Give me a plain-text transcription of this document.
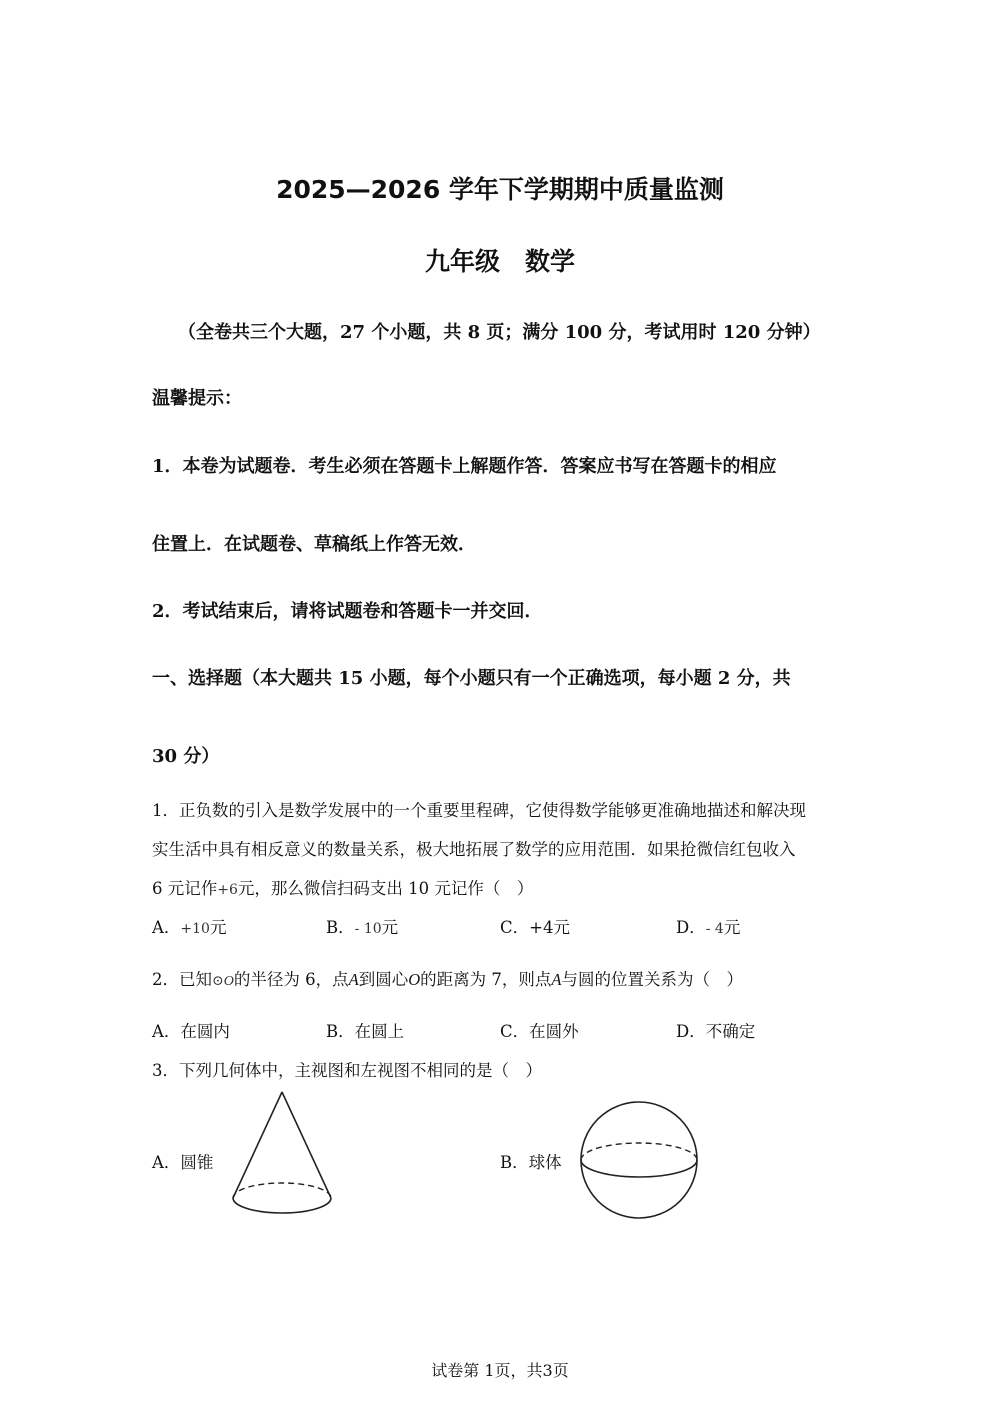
2025—2026 学年下学期期中质量监测
九年级　数学
（全卷共三个大题，27 个小题，共 8 页；满分 100 分，考试用时 120 分钟）
温馨提示：
1．本卷为试题卷．考生必须在答题卡上解题作答．答案应书写在答题卡的相应
住置上．在试题卷、草稿纸上作答无效．
2．考试结束后，请将试题卷和答题卡一并交回．
一、选择题（本大题共 15 小题，每个小题只有一个正确选项，每小题 2 分，共
30 分）
1．正负数的引入是数学发展中的一个重要里程碑，它使得数学能够更准确地描述和解决现
实生活中具有相反意义的数量关系，极大地拓展了数学的应用范围．如果抢微信红包收入
6 元记作+6元，那么微信扫码支出 10 元记作（　）
A．+10元	B．- 10元	C．+4元	D．- 4元
2．已知⊙O的半径为 6，点A到圆心O的距离为 7，则点A与圆的位置关系为（　）
A．在圆内	B．在圆上	C．在圆外	D．不确定
3．下列几何体中，主视图和左视图不相同的是（　）
A．圆锥	B．球体
试卷第 1页，共3页
